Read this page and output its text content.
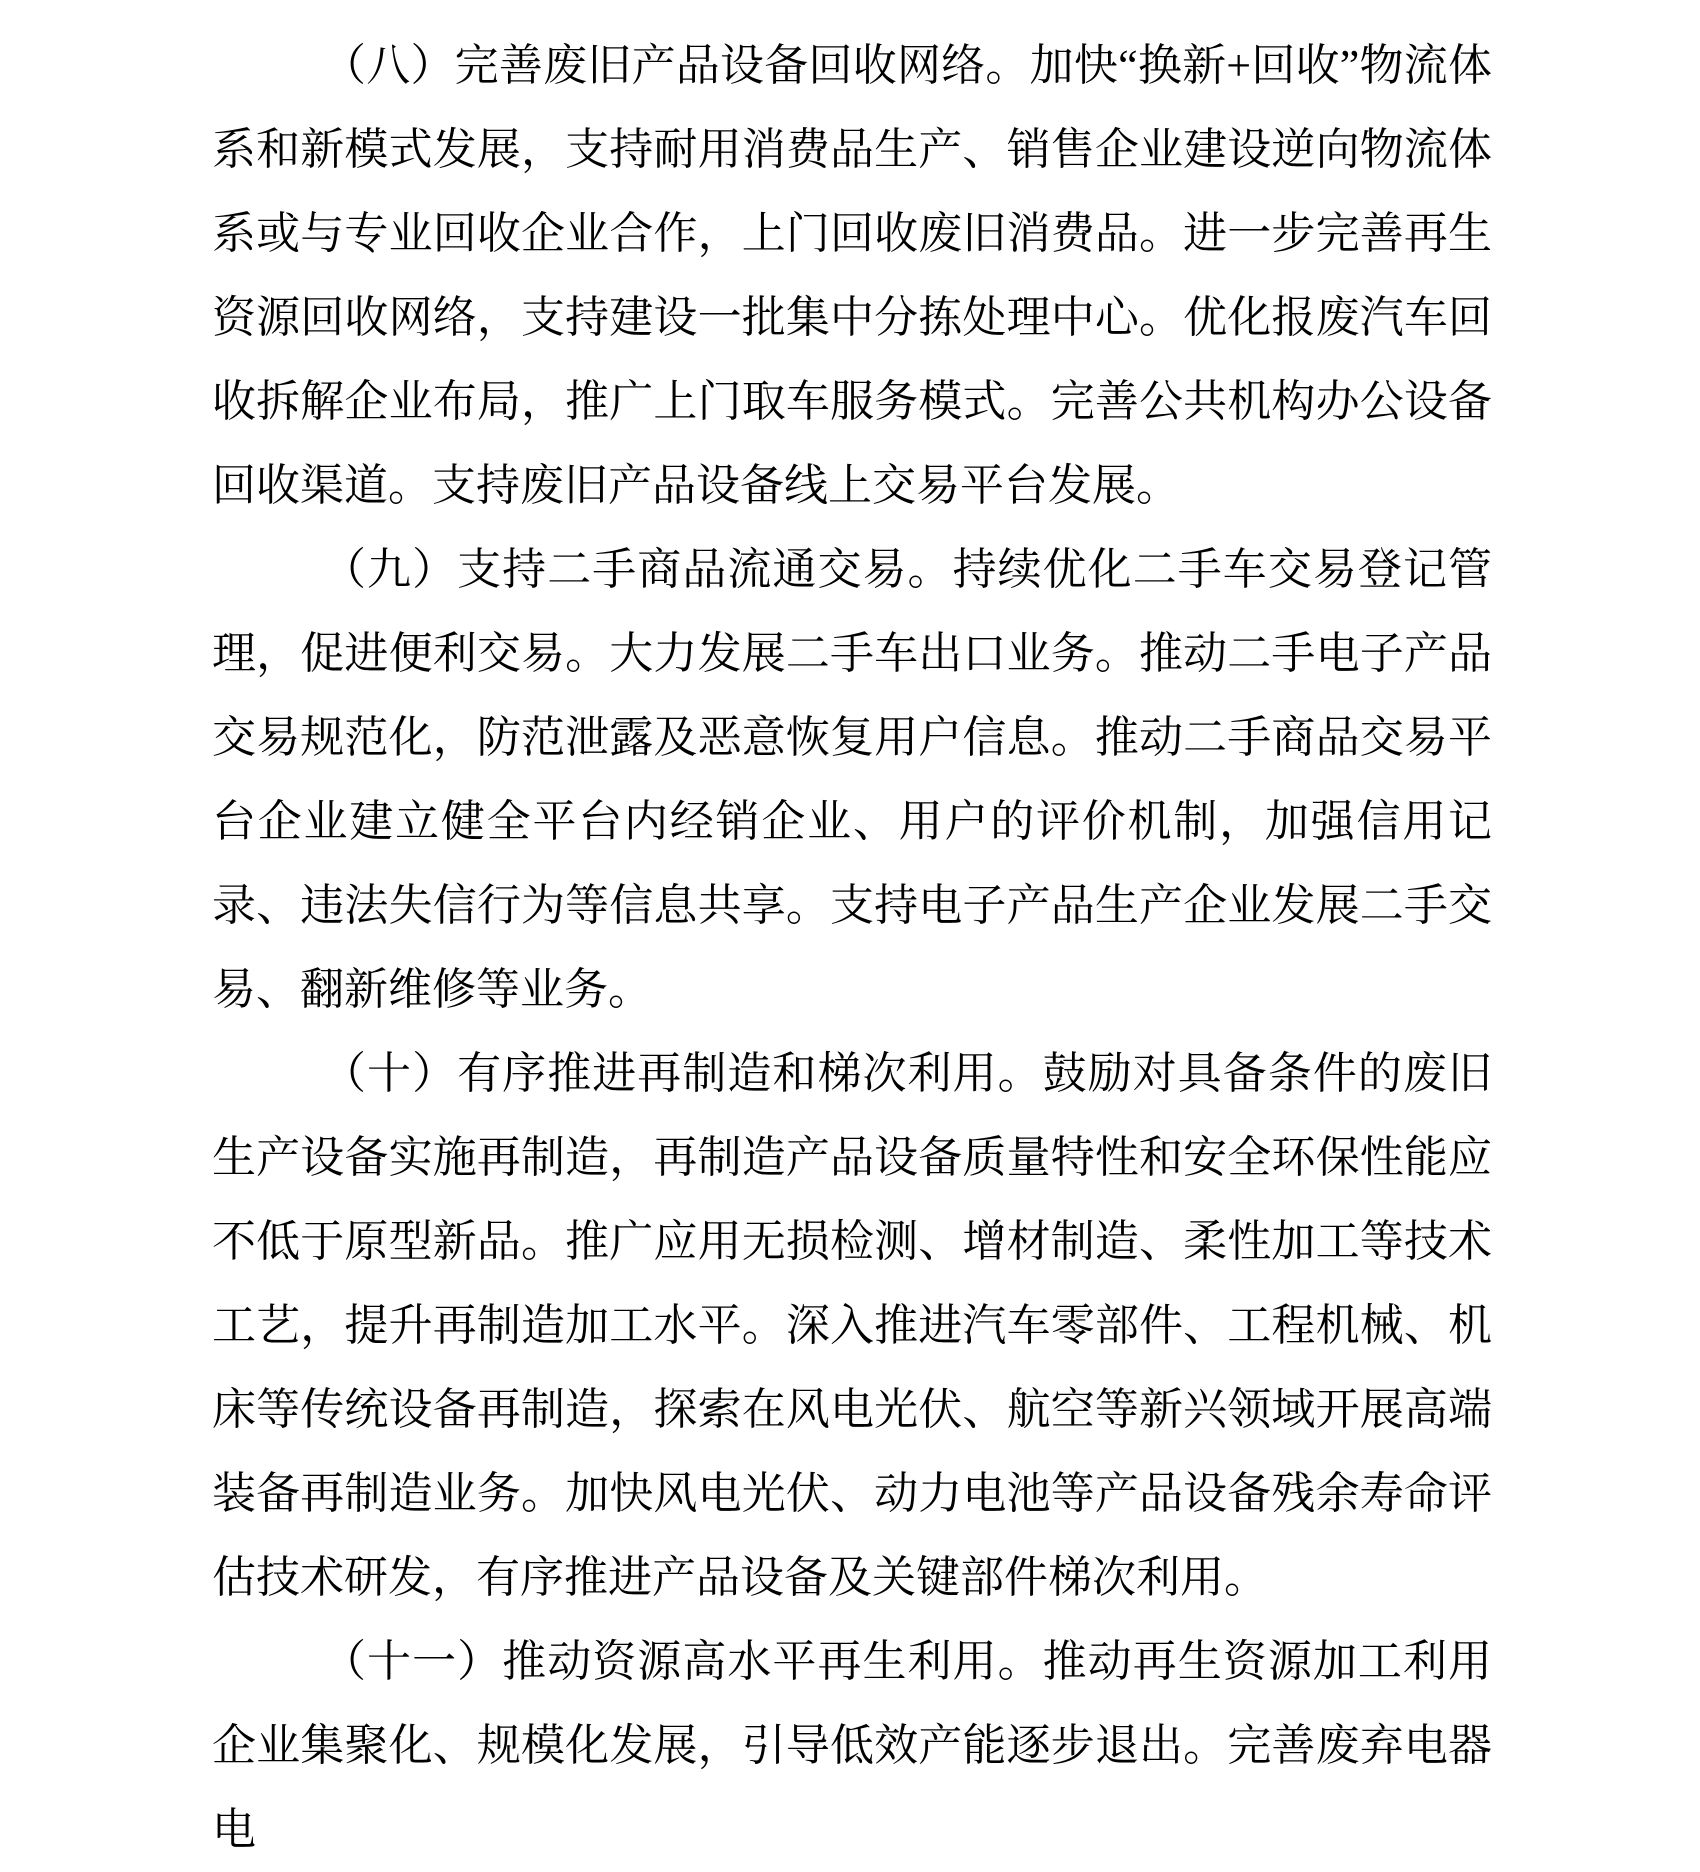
（八）完善废旧产品设备回收网络。加快“换新+回收”物流体系和新模式发展，支持耐用消费品生产、销售企业建设逆向物流体系或与专业回收企业合作，上门回收废旧消费品。进一步完善再生资源回收网络，支持建设一批集中分拣处理中心。优化报废汽车回收拆解企业布局，推广上门取车服务模式。完善公共机构办公设备回收渠道。支持废旧产品设备线上交易平台发展。

（九）支持二手商品流通交易。持续优化二手车交易登记管理，促进便利交易。大力发展二手车出口业务。推动二手电子产品交易规范化，防范泄露及恶意恢复用户信息。推动二手商品交易平台企业建立健全平台内经销企业、用户的评价机制，加强信用记录、违法失信行为等信息共享。支持电子产品生产企业发展二手交易、翻新维修等业务。

（十）有序推进再制造和梯次利用。鼓励对具备条件的废旧生产设备实施再制造，再制造产品设备质量特性和安全环保性能应不低于原型新品。推广应用无损检测、增材制造、柔性加工等技术工艺，提升再制造加工水平。深入推进汽车零部件、工程机械、机床等传统设备再制造，探索在风电光伏、航空等新兴领域开展高端装备再制造业务。加快风电光伏、动力电池等产品设备残余寿命评估技术研发，有序推进产品设备及关键部件梯次利用。

（十一）推动资源高水平再生利用。推动再生资源加工利用企业集聚化、规模化发展，引导低效产能逐步退出。完善废弃电器电
